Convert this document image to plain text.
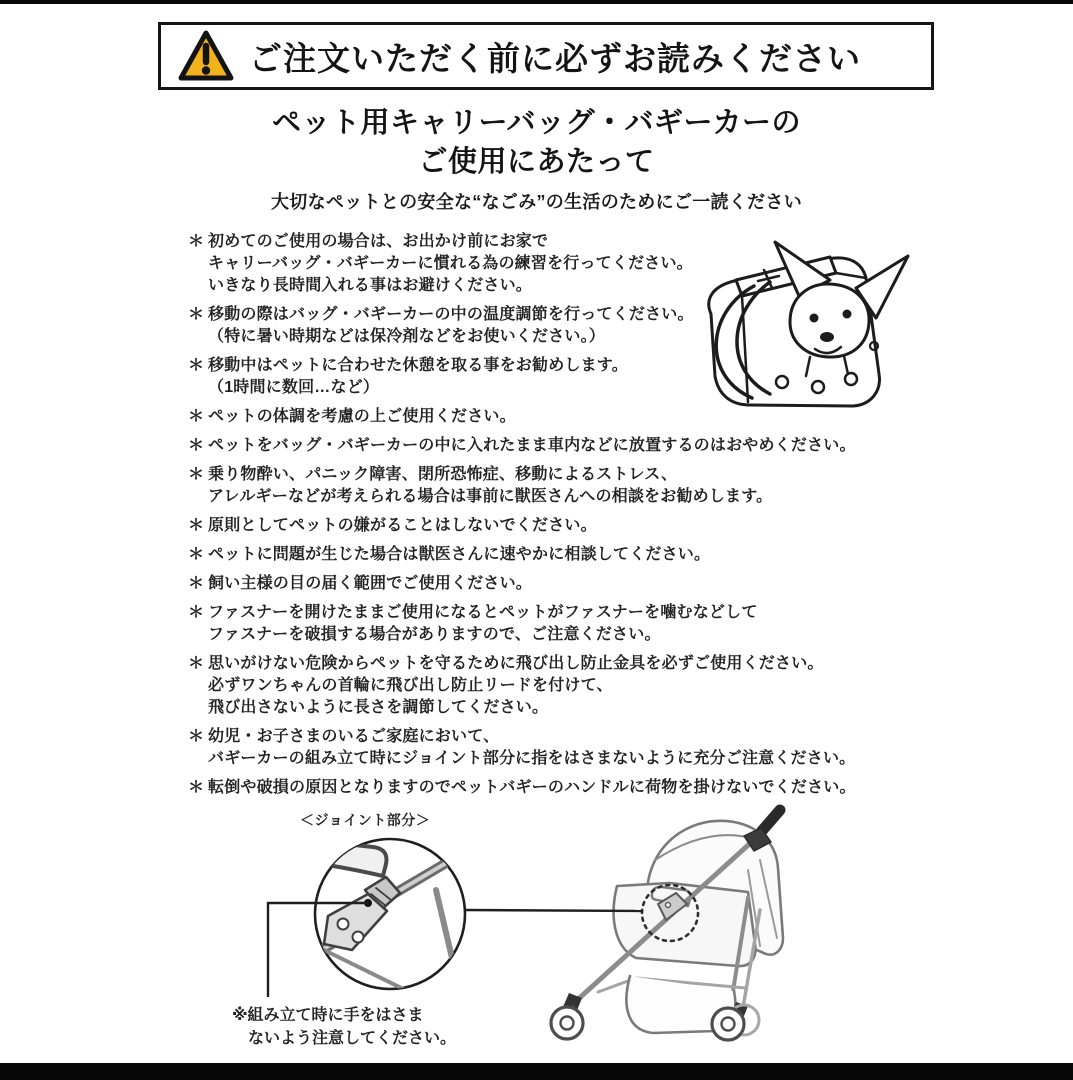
ご注文いただく前に必ずお読みください
ペット用キャリーバッグ・バギーカーの
ご使用にあたって
大切なペットとの安全な“なごみ”の生活のためにご一読ください
＊ 初めてのご使用の場合は、お出かけ前にお家で
キャリーバッグ・バギーカーに慣れる為の練習を行ってください。
いきなり長時間入れる事はお避けください。
＊ 移動の際はバッグ・バギーカーの中の温度調節を行ってください。
（特に暑い時期などは保冷剤などをお使いください。）
＊ 移動中はペットに合わせた休憩を取る事をお勧めします。
（1時間に数回…など）
＊ ペットの体調を考慮の上ご使用ください。
＊ ペットをバッグ・バギーカーの中に入れたまま車内などに放置するのはおやめください。
＊ 乗り物酔い、パニック障害、閉所恐怖症、移動によるストレス、
アレルギーなどが考えられる場合は事前に獣医さんへの相談をお勧めします。
＊ 原則としてペットの嫌がることはしないでください。
＊ ペットに問題が生じた場合は獣医さんに速やかに相談してください。
＊ 飼い主様の目の届く範囲でご使用ください。
＊ ファスナーを開けたままご使用になるとペットがファスナーを噛むなどして
ファスナーを破損する場合がありますので、ご注意ください。
＊ 思いがけない危険からペットを守るために飛び出し防止金具を必ずご使用ください。
必ずワンちゃんの首輪に飛び出し防止リードを付けて、
飛び出さないように長さを調節してください。
＊ 幼児・お子さまのいるご家庭において、
バギーカーの組み立て時にジョイント部分に指をはさまないように充分ご注意ください。
＊ 転倒や破損の原因となりますのでペットバギーのハンドルに荷物を掛けないでください。
＜ジョイント部分＞
※組み立て時に手をはさま
ないよう注意してください。
